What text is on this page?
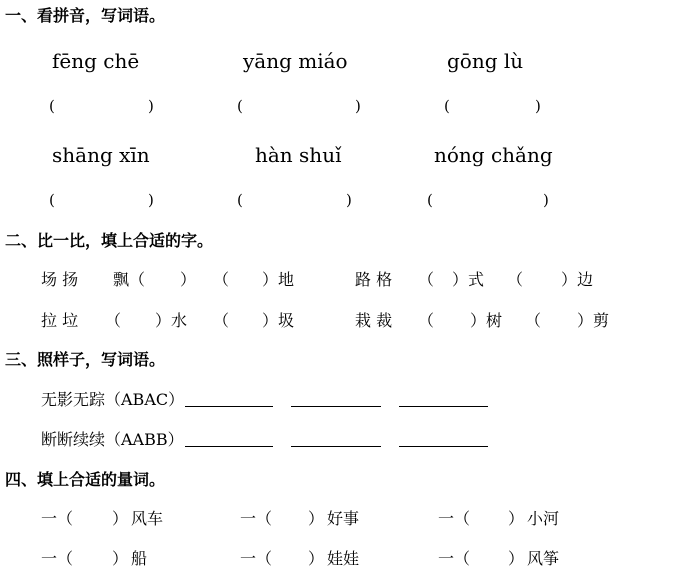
一、看拼音，写词语。
fēng chē	yāng miáo	gōng lù
(	)	(	)	(	)
shāng xīn	hàn shuǐ	nóng chǎng
(	)	(	)	(	)
二、比一比，填上合适的字。
场 扬 飘（ ） （ ）地	路 格 （ ）式 （ ）边
拉 垃 （ ）水 （ ）圾	栽 裁 （ ）树 （ ）剪
三、照样子，写词语。
无影无踪（ABAC）
断断续续（AABB）
四、填上合适的量词。
一（ ） 风车	一（ ） 好事	一（ ） 小河
一（ ） 船	一（ ） 娃娃	一（ ） 风筝
